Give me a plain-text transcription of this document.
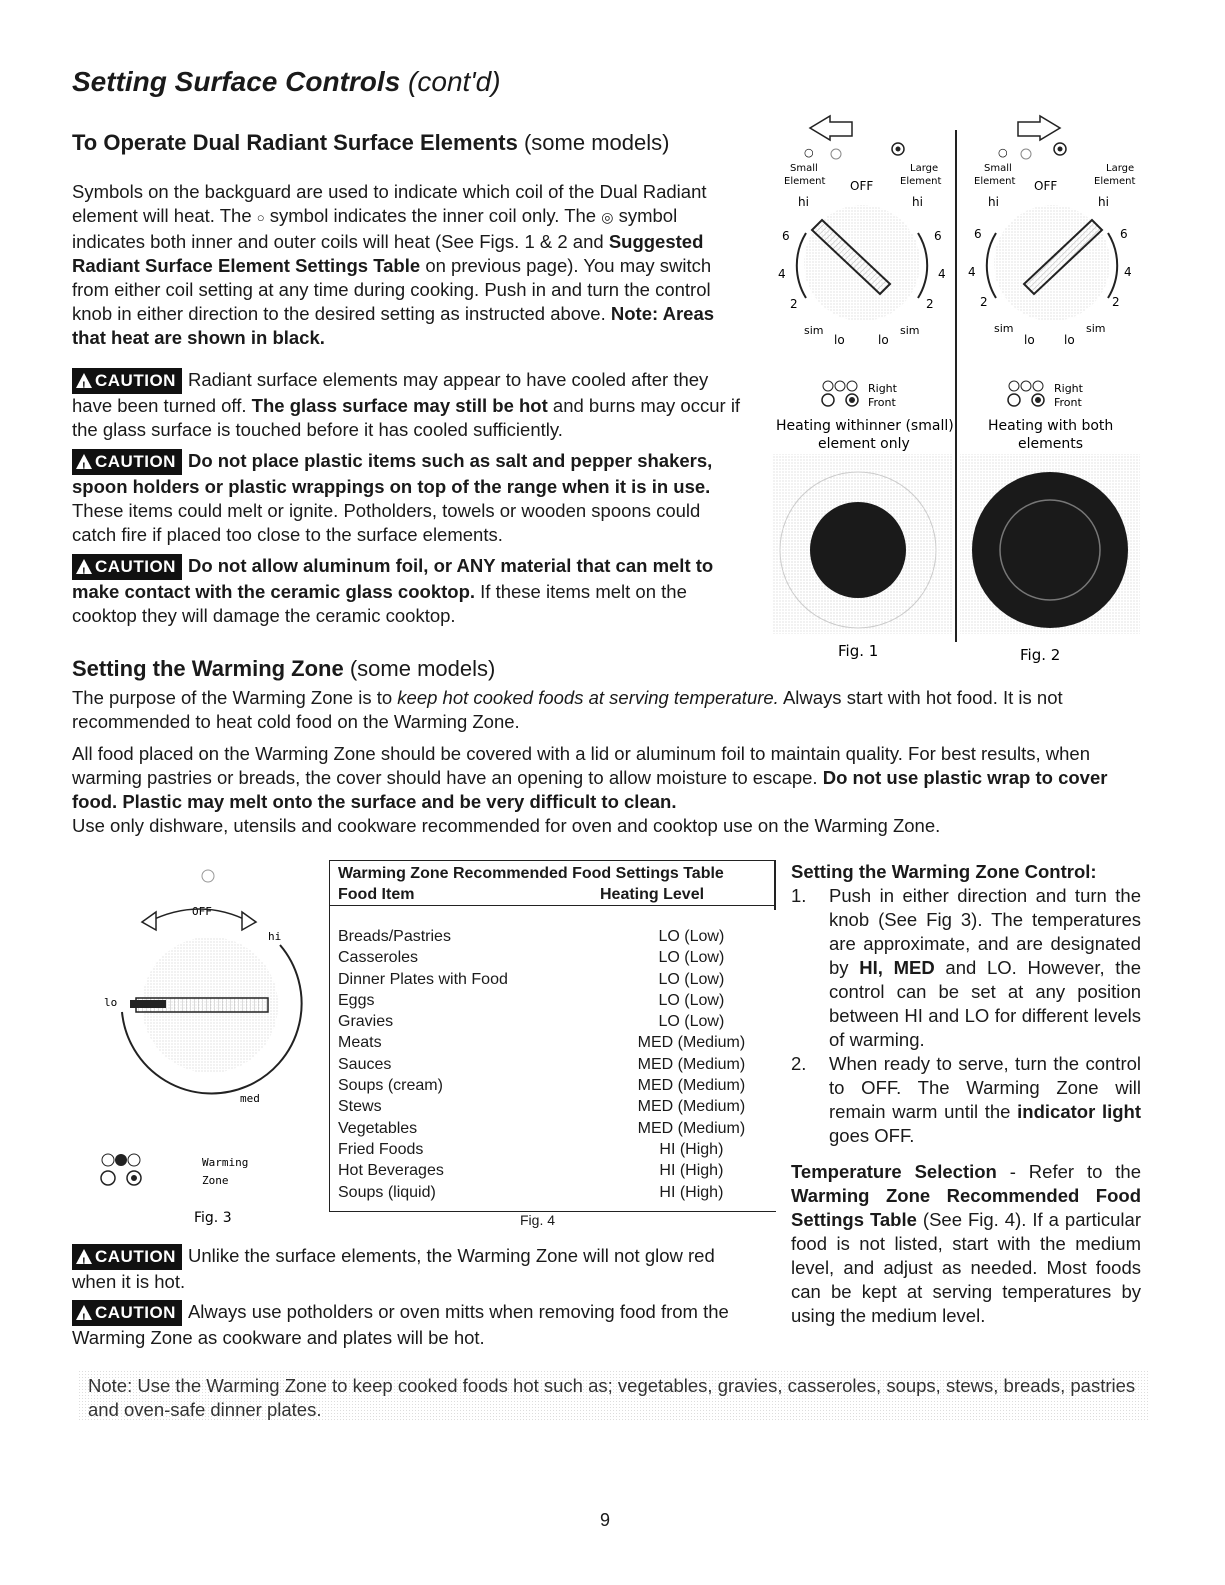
Setting Surface Controls (cont'd)
To Operate Dual Radiant Surface Elements (some models)
Symbols on the backguard are used to indicate which coil of the Dual Radiant element will heat. The ○ symbol indicates the inner coil only. The ◎ symbol indicates both inner and outer coils will heat (See Figs. 1 & 2 and Suggested Radiant Surface Element Settings Table on previous page). You may switch from either coil setting at any time during cooking. Push in and turn the control knob in either direction to the desired setting as instructed above. Note: Areas that heat are shown in black.
!CAUTION Radiant surface elements may appear to have cooled after they have been turned off. The glass surface may still be hot and burns may occur if the glass surface is touched before it has cooled sufficiently.
!CAUTION Do not place plastic items such as salt and pepper shakers, spoon holders or plastic wrappings on top of the range when it is in use. These items could melt or ignite. Potholders, towels or wooden spoons could catch fire if placed too close to the surface elements.
!CAUTION Do not allow aluminum foil, or ANY material that can melt to make contact with the ceramic glass cooktop. If these items melt on the cooktop they will damage the ceramic cooktop.
○
Small
Element
Large
Element
OFF
hi	hi
6	6
4	4
2	2
sim	sim
lo	lo
○
Small
Element
Large
Element
OFF
hi	hi
6	6
4	4
2	2
sim	sim
lo lo
Right
Front
Right
Front
Heating withinner (small)
element only
Heating with both
elements
Fig. 1	Fig. 2
Setting the Warming Zone (some models)
The purpose of the Warming Zone is to keep hot cooked foods at serving temperature. Always start with hot food. It is not recommended to heat cold food on the Warming Zone.
All food placed on the Warming Zone should be covered with a lid or aluminum foil to maintain quality. For best results, when warming pastries or breads, the cover should have an opening to allow moisture to escape. Do not use plastic wrap to cover food. Plastic may melt onto the surface and be very difficult to clean.
Use only dishware, utensils and cookware recommended for oven and cooktop use on the Warming Zone.
OFF
hi
lo
med
Warming
Zone
Fig. 3
Warming Zone Recommended Food Settings Table
Food Item	Heating Level
Breads/Pastries	LO (Low)
Casseroles	LO (Low)
Dinner Plates with Food	LO (Low)
Eggs	LO (Low)
Gravies	LO (Low)
Meats	MED (Medium)
Sauces	MED (Medium)
Soups (cream)	MED (Medium)
Stews	MED (Medium)
Vegetables	MED (Medium)
Fried Foods	HI (High)
Hot Beverages	HI (High)
Soups (liquid)	HI (High)
Fig. 4
Setting the Warming Zone Control:
1. Push in either direction and turn the knob (See Fig 3). The temperatures are approximate, and are designated by HI, MED and LO. However, the control can be set at any position between HI and LO for different levels of warming.
2. When ready to serve, turn the control to OFF. The Warming Zone will remain warm until the indicator light goes OFF.
Temperature Selection - Refer to the Warming Zone Recommended Food Settings Table (See Fig. 4). If a particular food is not listed, start with the medium level, and adjust as needed. Most foods can be kept at serving temperatures by using the medium level.
!CAUTION Unlike the surface elements, the Warming Zone will not glow red when it is hot.
!CAUTION Always use potholders or oven mitts when removing food from the Warming Zone as cookware and plates will be hot.
Note: Use the Warming Zone to keep cooked foods hot such as; vegetables, gravies, casseroles, soups, stews, breads, pastries and oven-safe dinner plates.
9
